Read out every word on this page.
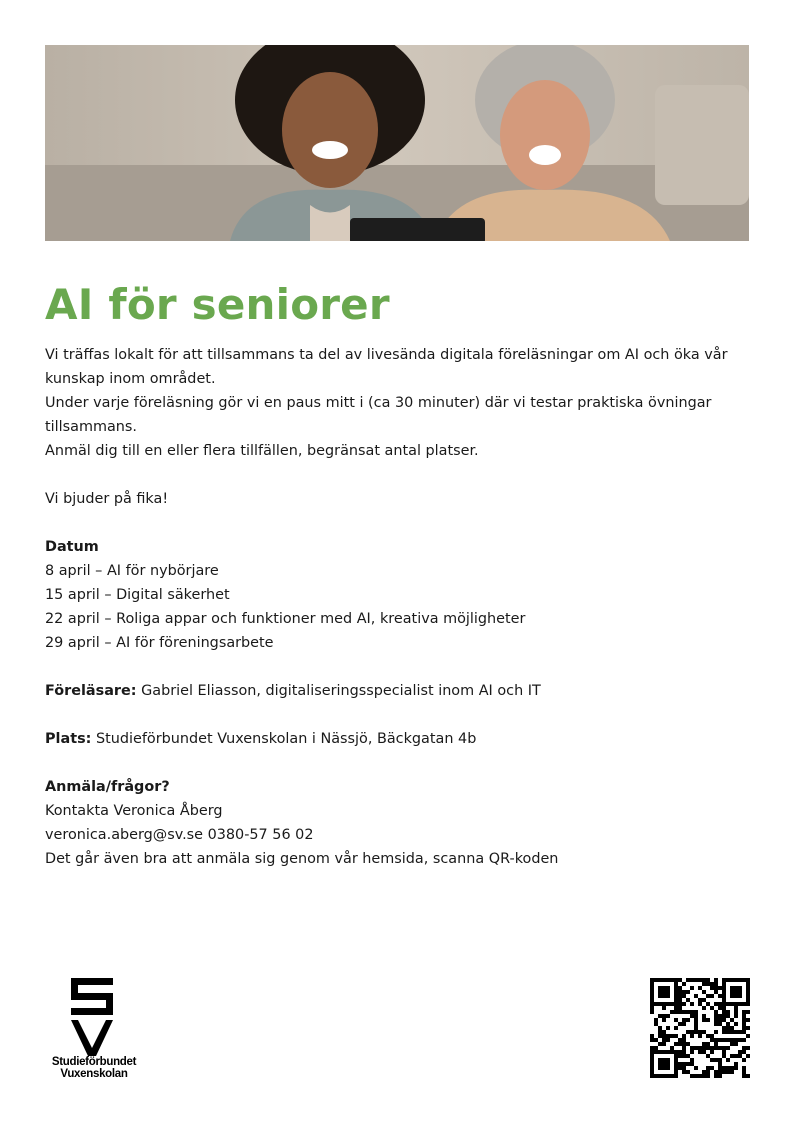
AI för seniorer

Vi träffas lokalt för att tillsammans ta del av livesända digitala föreläsningar om AI och öka vår kunskap inom området.

Under varje föreläsning gör vi en paus mitt i (ca 30 minuter) där vi testar praktiska övningar tillsammans.

Anmäl dig till en eller flera tillfällen, begränsat antal platser.

Vi bjuder på fika!

Datum

8 april – AI för nybörjare

15 april – Digital säkerhet

22 april – Roliga appar och funktioner med AI, kreativa möjligheter

29 april – AI för föreningsarbete

Föreläsare: Gabriel Eliasson, digitaliseringsspecialist inom AI och IT

Plats: Studieförbundet Vuxenskolan i Nässjö, Bäckgatan 4b

Anmäla/frågor?

Kontakta Veronica Åberg

veronica.aberg@sv.se 0380-57 56 02

Det går även bra att anmäla sig genom vår hemsida, scanna QR-koden

Studieförbundet
Vuxenskolan
